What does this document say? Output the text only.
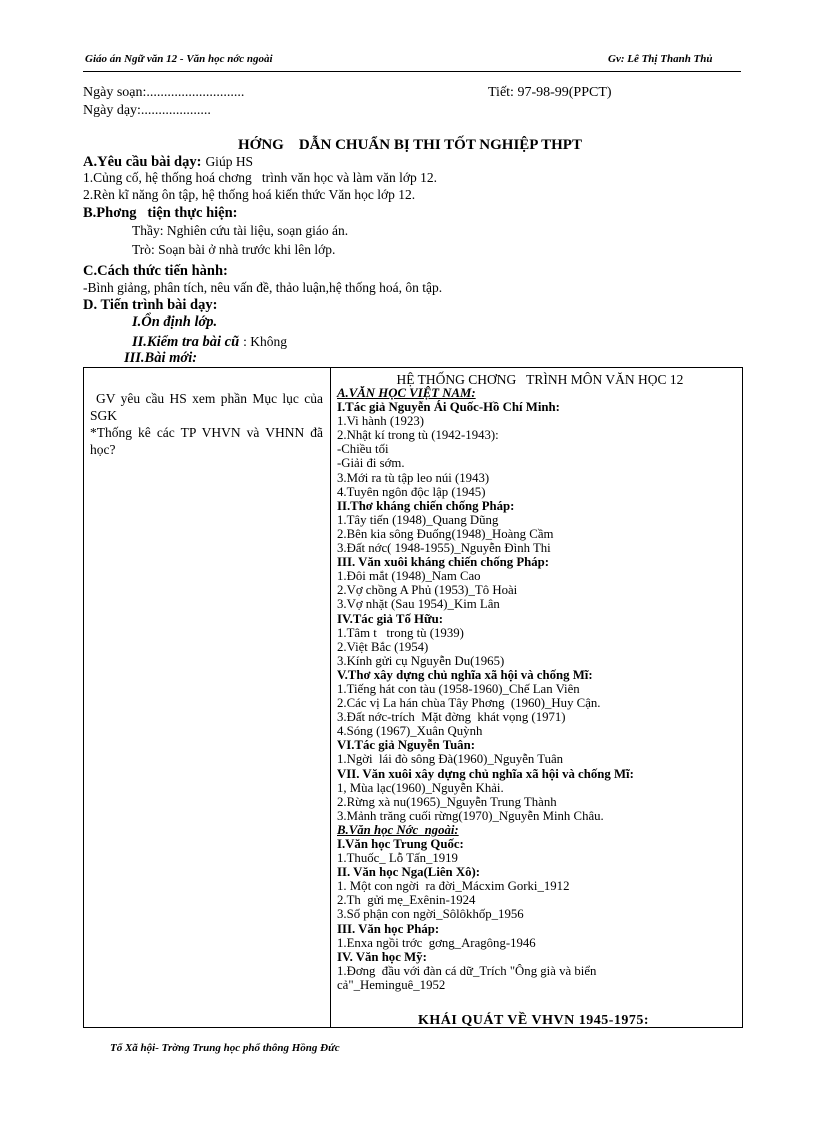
Giáo án Ngữ văn 12 - Văn học nớc ngoài	Gv: Lê Thị Thanh Thủ
Ngày soạn:............................	Tiết: 97-98-99(PPCT)
Ngày dạy:....................
HỚNG    DẪN CHUẨN BỊ THI TỐT NGHIỆP THPT
A.Yêu cầu bài dạy: Giúp HS
1.Củng cố, hệ thống hoá chơng   trình văn học và làm văn lớp 12.
2.Rèn kĩ năng ôn tập, hệ thống hoá kiến thức Văn học lớp 12.
B.Phơng   tiện thực hiện:
Thầy: Nghiên cứu tài liệu, soạn giáo án.
Trò: Soạn bài ở nhà trước khi lên lớp.
C.Cách thức tiến hành:
-Bình giảng, phân tích, nêu vấn đề, thảo luận,hệ thống hoá, ôn tập.
D. Tiến trình bài dạy:
I.Ổn định lớp.
II.Kiểm tra bài cũ : Không
III.Bài mới:
GV yêu cầu HS xem phần Mục lục của SGK
*Thống kê các TP VHVN và VHNN đã học?
HỆ THỐNG CHƠNG   TRÌNH MÔN VĂN HỌC 12
A.VĂN HỌC VIỆT NAM:
I.Tác giả Nguyễn Ái Quốc-Hồ Chí Minh:
1.Vi hành (1923)
2.Nhật kí trong tù (1942-1943):
-Chiều tối
-Giải đi sớm.
3.Mới ra tù tập leo núi (1943)
4.Tuyên ngôn độc lập (1945)
II.Thơ kháng chiến chống Pháp:
1.Tây tiến (1948)_Quang Dũng
2.Bên kia sông Đuống(1948)_Hoàng Cầm
3.Đất nớc( 1948-1955)_Nguyễn Đình Thi
III. Văn xuôi kháng chiến chống Pháp:
1.Đôi mắt (1948)_Nam Cao
2.Vợ chồng A Phủ (1953)_Tô Hoài
3.Vợ nhặt (Sau 1954)_Kim Lân
IV.Tác giả Tố Hữu:
1.Tâm t   trong tù (1939)
2.Việt Bắc (1954)
3.Kính gửi cụ Nguyễn Du(1965)
V.Thơ xây dựng chủ nghĩa xã hội và chống Mĩ:
1.Tiếng hát con tàu (1958-1960)_Chế Lan Viên
2.Các vị La hán chùa Tây Phơng  (1960)_Huy Cận.
3.Đất nớc-trích  Mặt đờng  khát vọng (1971)
4.Sóng (1967)_Xuân Quỳnh
VI.Tác giả Nguyễn Tuân:
1.Ngời  lái đò sông Đà(1960)_Nguyễn Tuân
VII. Văn xuôi xây dựng chủ nghĩa xã hội và chống Mĩ:
1, Mùa lạc(1960)_Nguyễn Khải.
2.Rừng xà nu(1965)_Nguyễn Trung Thành
3.Mảnh trăng cuối rừng(1970)_Nguyễn Minh Châu.
B.Văn học Nớc  ngoài:
I.Văn học Trung Quốc:
1.Thuốc_ Lỗ Tấn_1919
II. Văn học Nga(Liên Xô):
1. Một con ngời  ra đời_Mácxim Gorki_1912
2.Th  gửi mẹ_Exênin-1924
3.Số phận con ngời_Sôlôkhốp_1956
III. Văn học Pháp:
1.Enxa ngồi trớc  gơng_Aragông-1946
IV. Văn học Mỹ:
1.Đơng  đầu với đàn cá dữ_Trích "Ông già và biển
cả"_Heminguê_1952
KHÁI QUÁT VỀ VHVN 1945-1975:
Tổ Xã hội- Trờng Trung học phổ thông Hồng Đức
